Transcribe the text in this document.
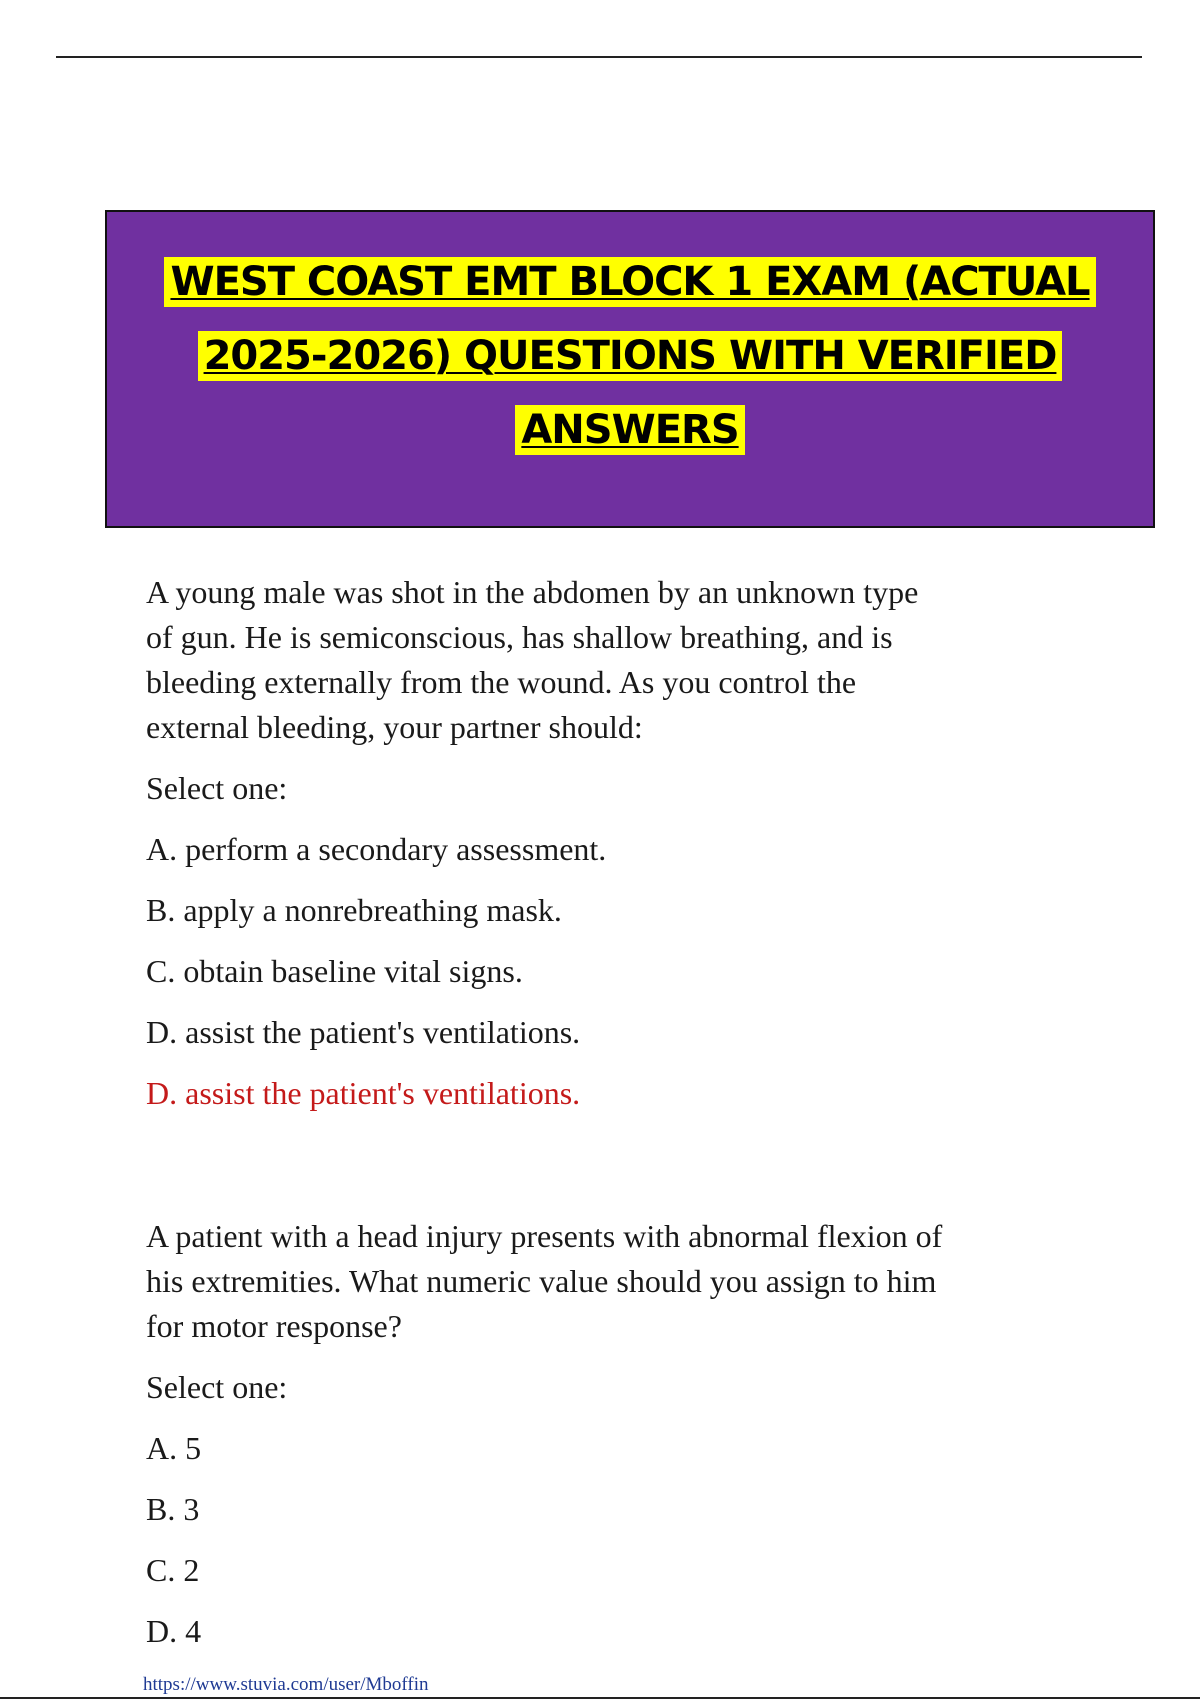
WEST COAST EMT BLOCK 1 EXAM (ACTUAL
2025-2026) QUESTIONS WITH VERIFIED
ANSWERS

A young male was shot in the abdomen by an unknown type

of gun. He is semiconscious, has shallow breathing, and is

bleeding externally from the wound. As you control the

external bleeding, your partner should:

Select one:

A. perform a secondary assessment.

B. apply a nonrebreathing mask.

C. obtain baseline vital signs.

D. assist the patient's ventilations.

D. assist the patient's ventilations.

A patient with a head injury presents with abnormal flexion of

his extremities. What numeric value should you assign to him

for motor response?

Select one:

A. 5

B. 3

C. 2

D. 4

https://www.stuvia.com/user/Mboffin
